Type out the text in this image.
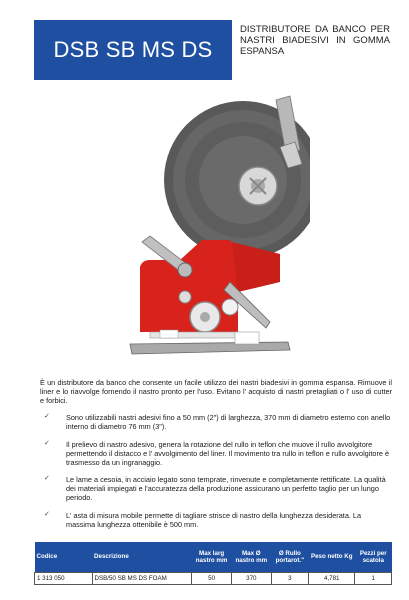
DSB SB MS DS
DISTRIBUTORE DA BANCO PER NASTRI BIADESIVI IN GOMMA ESPANSA
È un distributore da banco che consente un facile utilizzo dei nastri biadesivi in gomma espansa. Rimuove il liner e lo riavvolge fornendo il nastro pronto per l'uso. Evitano l' acquisto di nastri pretagliati o l' uso di cutter e forbici.
✓ Sono utilizzabili nastri adesivi fino a 50 mm (2") di larghezza, 370 mm di diametro esterno con anello interno di diametro 76 mm (3").
✓ Il prelievo di nastro adesivo, genera la rotazione del rullo in teflon che muove il rullo avvolgitore permettendo il distacco e l' avvolgimento del liner. Il movimento tra rullo in teflon e rullo avvolgitore è trasmesso da un ingranaggio.
✓ Le lame a cesoia, in acciaio legato sono temprate, rinvenute e completamente rettificate. La qualità dei materiali impiegati e l'accuratezza della produzione assicurano un perfetto taglio per un lungo periodo.
✓ L' asta di misura mobile permette di tagliare strisce di nastro della lunghezza desiderata. La massima lunghezza ottenibile è 500 mm.
Codice	Descrizione	Max larg nastro mm	Max Ø nastro mm	Ø Rullo portarot."	Peso netto Kg	Pezzi per scatola
1 313 050	DSB/50 SB MS DS FOAM	50	370	3	4,781	1
